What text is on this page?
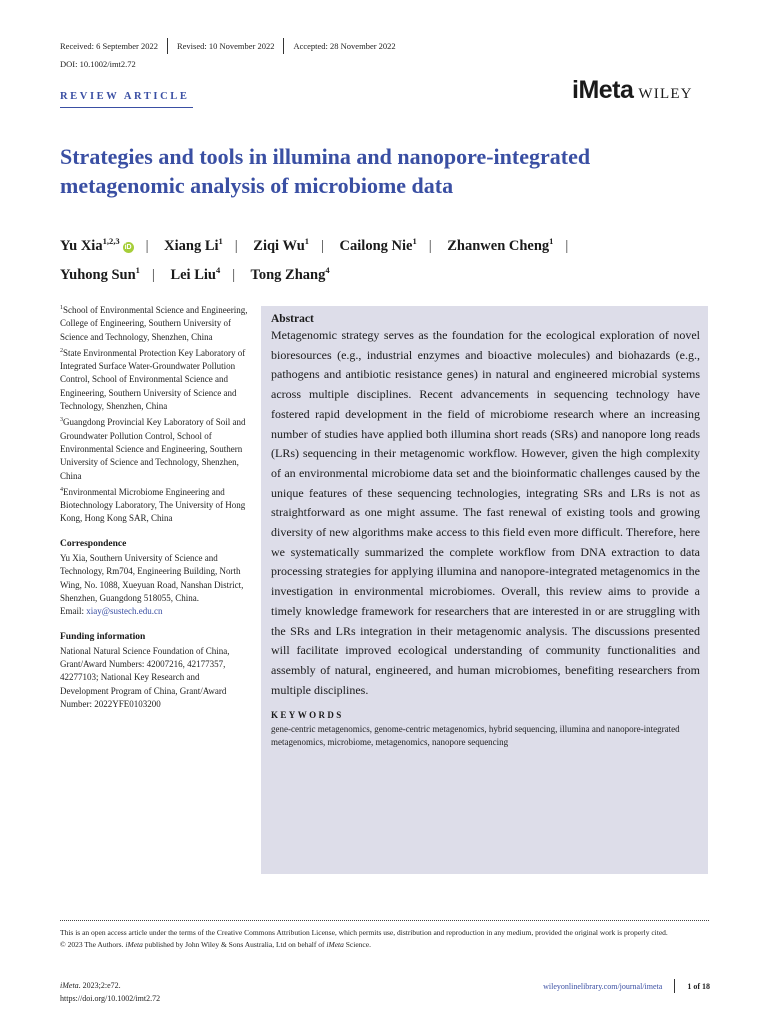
Received: 6 September 2022 Revised: 10 November 2022 Accepted: 28 November 2022
DOI: 10.1002/imt2.72
REVIEW ARTICLE	iMeta WILEY
Strategies and tools in illumina and nanopore-integrated metagenomic analysis of microbiome data
Yu Xia$^{1,2,3}$iD | Xiang Li$^1$ | Ziqi Wu$^1$ | Cailong Nie$^1$ | Zhanwen Cheng$^1$ |
Yuhong Sun$^1$ | Lei Liu$^4$ | Tong Zhang$^4$
$^1$School of Environmental Science and Engineering, College of Engineering, Southern University of Science and Technology, Shenzhen, China
$^2$State Environmental Protection Key Laboratory of Integrated Surface Water-Groundwater Pollution Control, School of Environmental Science and Engineering, Southern University of Science and Technology, Shenzhen, China
$^3$Guangdong Provincial Key Laboratory of Soil and Groundwater Pollution Control, School of Environmental Science and Engineering, Southern University of Science and Technology, Shenzhen, China
$^4$Environmental Microbiome Engineering and Biotechnology Laboratory, The University of Hong Kong, Hong Kong SAR, China
Correspondence
Yu Xia, Southern University of Science and Technology, Rm704, Engineering Building, North Wing, No. 1088, Xueyuan Road, Nanshan District, Shenzhen, Guangdong 518055, China.
Email: xiay@sustech.edu.cn
Funding information
National Natural Science Foundation of China, Grant/Award Numbers: 42007216, 42177357, 42277103; National Key Research and Development Program of China, Grant/Award Number: 2022YFE0103200
Abstract

Metagenomic strategy serves as the foundation for the ecological exploration of novel bioresources (e.g., industrial enzymes and bioactive molecules) and biohazards (e.g., pathogens and antibiotic resistance genes) in natural and engineered microbial systems across multiple disciplines. Recent advancements in sequencing technology have fostered rapid development in the field of microbiome research where an increasing number of studies have applied both illumina short reads (SRs) and nanopore long reads (LRs) sequencing in their metagenomic workflow. However, given the high complexity of an environmental microbiome data set and the bioinformatic challenges caused by the unique features of these sequencing technologies, integrating SRs and LRs is not as straightforward as one might assume. The fast renewal of existing tools and growing diversity of new algorithms make access to this field even more difficult. Therefore, here we systematically summarized the complete workflow from DNA extraction to data processing strategies for applying illumina and nanopore-integrated metagenomics in the investigation in environmental microbiomes. Overall, this review aims to provide a timely knowledge framework for researchers that are interested in or are struggling with the SRs and LRs integration in their metagenomic analysis. The discussions presented will facilitate improved ecological understanding of community functionalities and assembly of natural, engineered, and human microbiomes, benefiting researchers from multiple disciplines.

KEYWORDS
gene-centric metagenomics, genome-centric metagenomics, hybrid sequencing, illumina and nanopore-integrated metagenomics, microbiome, metagenomics, nanopore sequencing
This is an open access article under the terms of the Creative Commons Attribution License, which permits use, distribution and reproduction in any medium, provided the original work is properly cited.
© 2023 The Authors. iMeta published by John Wiley & Sons Australia, Ltd on behalf of iMeta Science.
iMeta. 2023;2:e72.
https://doi.org/10.1002/imt2.72
wileyonlinelibrary.com/journal/imeta	1 of 18
